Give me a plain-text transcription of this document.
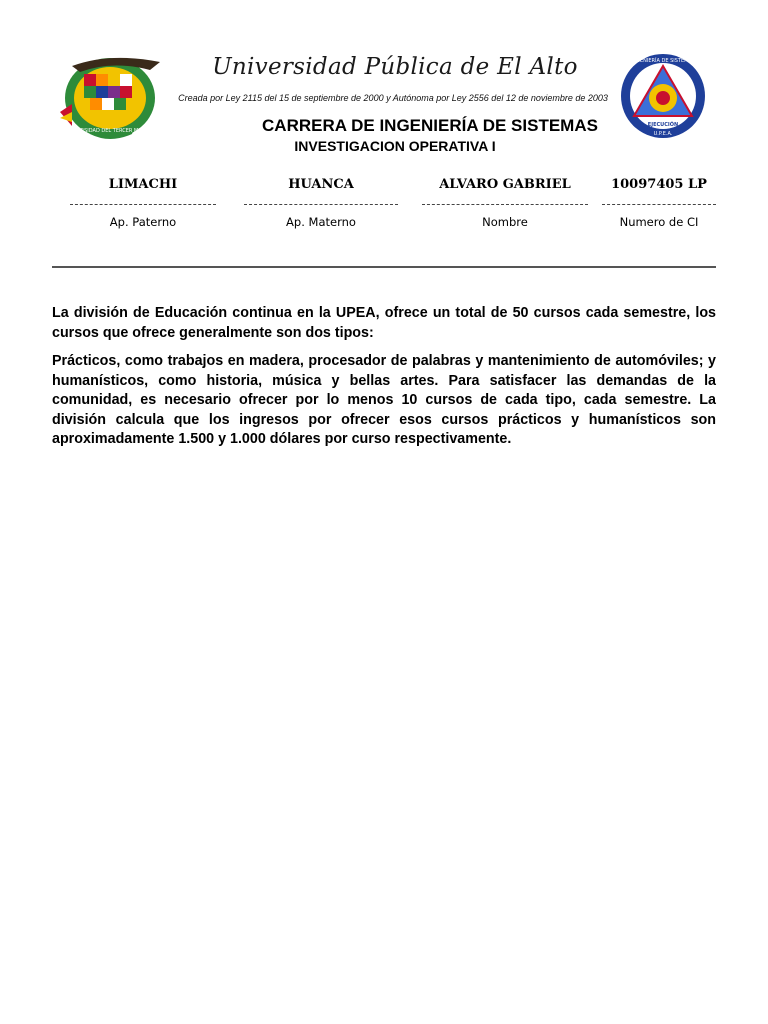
UNIVERSIDAD DEL TERCER MILENIO
INGENIERÍA DE SISTEMAS
EJECUCIÓN
U.P.E.A.
Universidad Pública de El Alto
Creada por Ley 2115 del 15 de septiembre de 2000 y Autónoma por Ley 2556 del 12 de noviembre de 2003
CARRERA DE INGENIERÍA DE SISTEMAS
INVESTIGACION OPERATIVA I
LIMACHI
Ap. Paterno
HUANCA
Ap. Materno
ALVARO GABRIEL
Nombre
10097405 LP
Numero de CI

La división de Educación continua en la UPEA, ofrece un total de 50 cursos cada semestre, los cursos que ofrece generalmente son dos tipos:

Prácticos, como trabajos en madera, procesador de palabras y mantenimiento de automóviles; y humanísticos, como historia, música y bellas artes. Para satisfacer las demandas de la comunidad, es necesario ofrecer por lo menos 10 cursos de cada tipo, cada semestre. La división calcula que los ingresos por ofrecer esos cursos prácticos y humanísticos son aproximadamente 1.500 y 1.000 dólares por curso respectivamente.
